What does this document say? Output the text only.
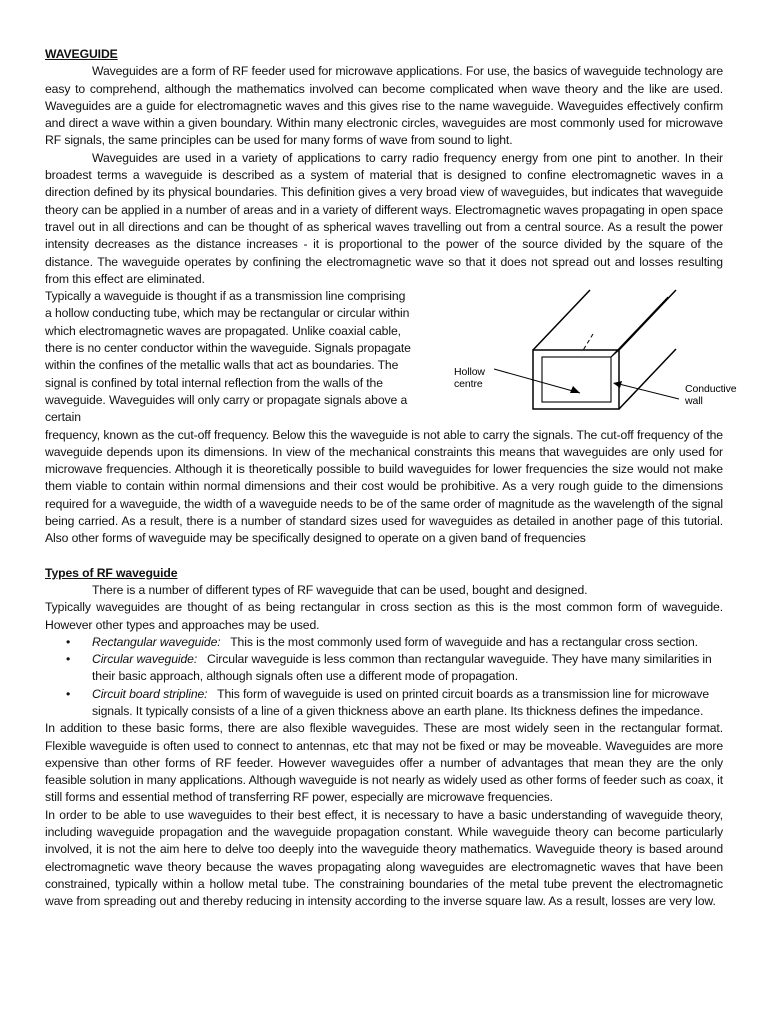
WAVEGUIDE

Waveguides are a form of RF feeder used for microwave applications. For use, the basics of waveguide technology are easy to comprehend, although the mathematics involved can become complicated when wave theory and the like are used. Waveguides are a guide for electromagnetic waves and this gives rise to the name waveguide. Waveguides effectively confirm and direct a wave within a given boundary. Within many electronic circles, waveguides are most commonly used for microwave RF signals, the same principles can be used for many forms of wave from sound to light.

Waveguides are used in a variety of applications to carry radio frequency energy from one pint to another. In their broadest terms a waveguide is described as a system of material that is designed to confine electromagnetic waves in a direction defined by its physical boundaries. This definition gives a very broad view of waveguides, but indicates that waveguide theory can be applied in a number of areas and in a variety of different ways. Electromagnetic waves propagating in open space travel out in all directions and can be thought of as spherical waves travelling out from a central source. As a result the power intensity decreases as the distance increases - it is proportional to the power of the source divided by the square of the distance. The waveguide operates by confining the electromagnetic wave so that it does not spread out and losses resulting from this effect are eliminated.

Typically a waveguide is thought if as a transmission line comprising a hollow conducting tube, which may be rectangular or circular within which electromagnetic waves are propagated. Unlike coaxial cable, there is no center conductor within the waveguide. Signals propagate within the confines of the metallic walls that act as boundaries. The signal is confined by total internal reflection from the walls of the waveguide. Waveguides will only carry or propagate signals above a certain

Hollow
centre	Conductive
wall

frequency, known as the cut-off frequency. Below this the waveguide is not able to carry the signals. The cut-off frequency of the waveguide depends upon its dimensions. In view of the mechanical constraints this means that waveguides are only used for microwave frequencies. Although it is theoretically possible to build waveguides for lower frequencies the size would not make them viable to contain within normal dimensions and their cost would be prohibitive. As a very rough guide to the dimensions required for a waveguide, the width of a waveguide needs to be of the same order of magnitude as the wavelength of the signal being carried. As a result, there is a number of standard sizes used for waveguides as detailed in another page of this tutorial. Also other forms of waveguide may be specifically designed to operate on a given band of frequencies

Types of RF waveguide

There is a number of different types of RF waveguide that can be used, bought and designed.

Typically waveguides are thought of as being rectangular in cross section as this is the most common form of waveguide. However other types and approaches may be used.

• Rectangular waveguide: This is the most commonly used form of waveguide and has a rectangular cross section.
• Circular waveguide: Circular waveguide is less common than rectangular waveguide. They have many similarities in their basic approach, although signals often use a different mode of propagation.
• Circuit board stripline: This form of waveguide is used on printed circuit boards as a transmission line for microwave signals. It typically consists of a line of a given thickness above an earth plane. Its thickness defines the impedance.

In addition to these basic forms, there are also flexible waveguides. These are most widely seen in the rectangular format. Flexible waveguide is often used to connect to antennas, etc that may not be fixed or may be moveable. Waveguides are more expensive than other forms of RF feeder. However waveguides offer a number of advantages that mean they are the only feasible solution in many applications. Although waveguide is not nearly as widely used as other forms of feeder such as coax, it still forms and essential method of transferring RF power, especially are microwave frequencies.

In order to be able to use waveguides to their best effect, it is necessary to have a basic understanding of waveguide theory, including waveguide propagation and the waveguide propagation constant. While waveguide theory can become particularly involved, it is not the aim here to delve too deeply into the waveguide theory mathematics. Waveguide theory is based around electromagnetic wave theory because the waves propagating along waveguides are electromagnetic waves that have been constrained, typically within a hollow metal tube. The constraining boundaries of the metal tube prevent the electromagnetic wave from spreading out and thereby reducing in intensity according to the inverse square law. As a result, losses are very low.
